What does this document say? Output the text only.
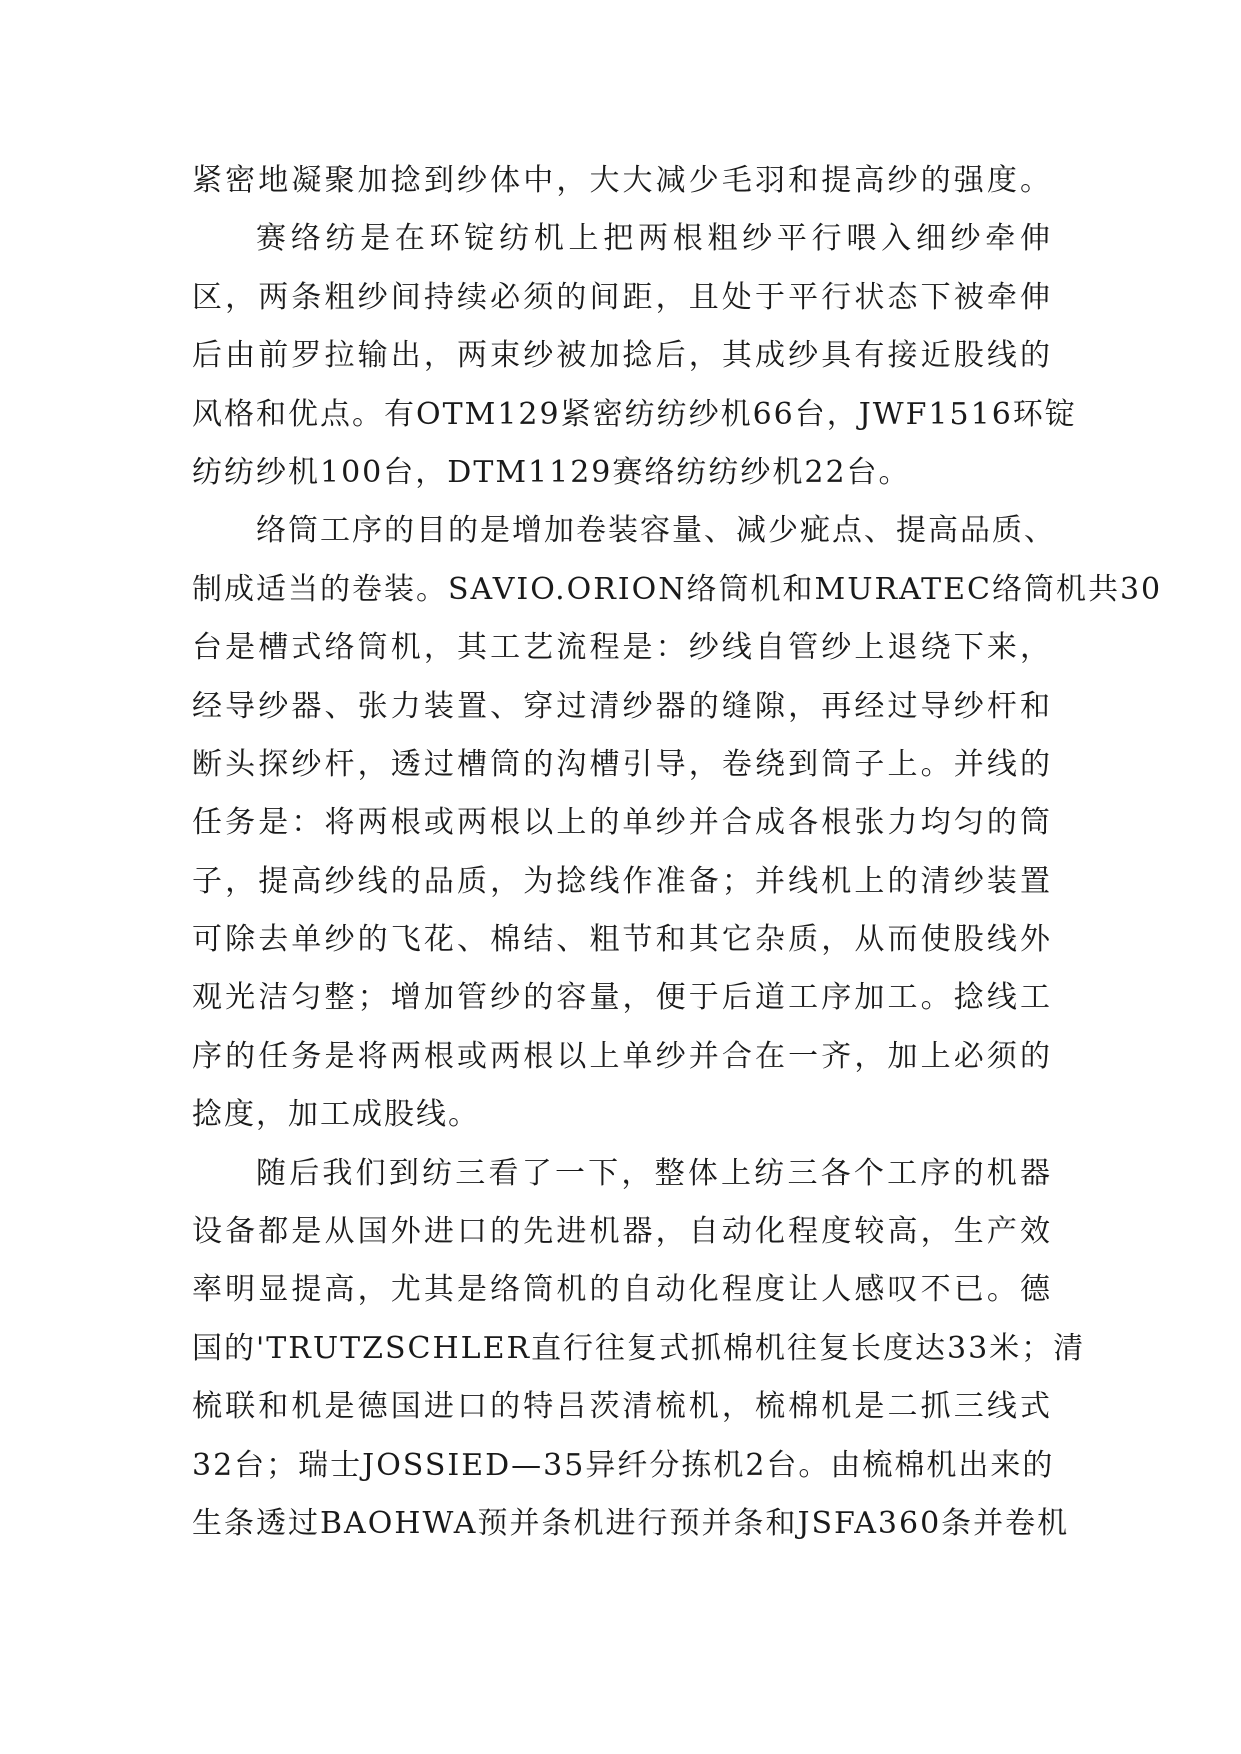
紧密地凝聚加捻到纱体中，大大减少毛羽和提高纱的强度。
赛络纺是在环锭纺机上把两根粗纱平行喂入细纱牵伸
区，两条粗纱间持续必须的间距，且处于平行状态下被牵伸
后由前罗拉输出，两束纱被加捻后，其成纱具有接近股线的
风格和优点。有OTM129紧密纺纺纱机66台，JWF1516环锭
纺纺纱机100台，DTM1129赛络纺纺纱机22台。
络筒工序的目的是增加卷装容量、减少疵点、提高品质、
制成适当的卷装。SAVIO.ORION络筒机和MURATEC络筒机共30
台是槽式络筒机，其工艺流程是：纱线自管纱上退绕下来，
经导纱器、张力装置、穿过清纱器的缝隙，再经过导纱杆和
断头探纱杆，透过槽筒的沟槽引导，卷绕到筒子上。并线的
任务是：将两根或两根以上的单纱并合成各根张力均匀的筒
子，提高纱线的品质，为捻线作准备；并线机上的清纱装置
可除去单纱的飞花、棉结、粗节和其它杂质，从而使股线外
观光洁匀整；增加管纱的容量，便于后道工序加工。捻线工
序的任务是将两根或两根以上单纱并合在一齐，加上必须的
捻度，加工成股线。
随后我们到纺三看了一下，整体上纺三各个工序的机器
设备都是从国外进口的先进机器，自动化程度较高，生产效
率明显提高，尤其是络筒机的自动化程度让人感叹不已。德
国的'TRUTZSCHLER直行往复式抓棉机往复长度达33米；清
梳联和机是德国进口的特吕茨清梳机，梳棉机是二抓三线式
32台；瑞士JOSSIED—35异纤分拣机2台。由梳棉机出来的
生条透过BAOHWA预并条机进行预并条和JSFA360条并卷机
